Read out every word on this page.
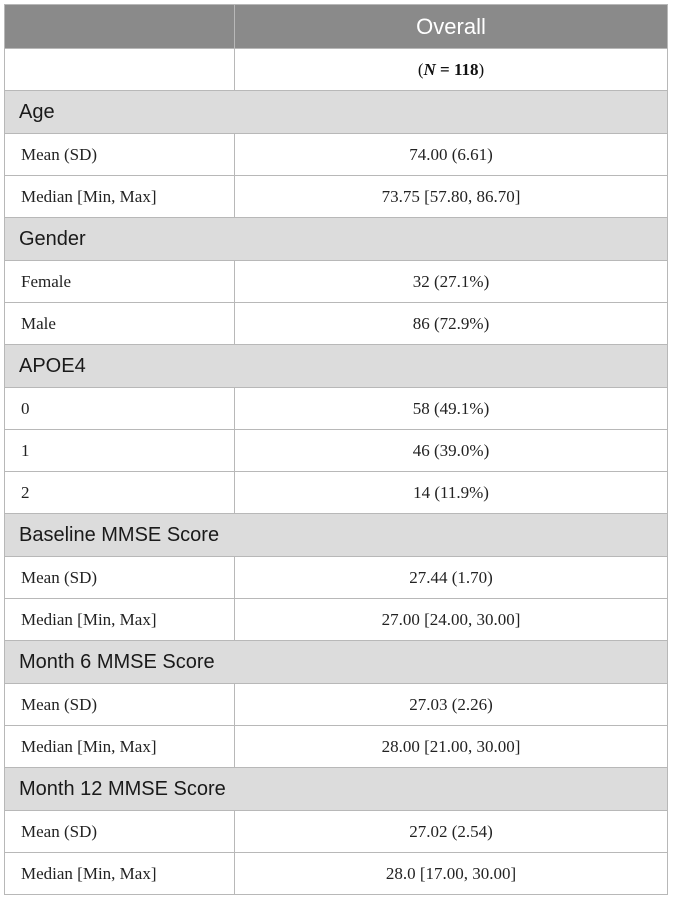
	Overall
	(N = 118)
Age	
Mean (SD)	74.00 (6.61)
Median [Min, Max]	73.75 [57.80, 86.70]
Gender	
Female	32 (27.1%)
Male	86 (72.9%)
APOE4	
0	58 (49.1%)
1	46 (39.0%)
2	14 (11.9%)
Baseline MMSE Score	
Mean (SD)	27.44 (1.70)
Median [Min, Max]	27.00 [24.00, 30.00]
Month 6 MMSE Score	
Mean (SD)	27.03 (2.26)
Median [Min, Max]	28.00 [21.00, 30.00]
Month 12 MMSE Score	
Mean (SD)	27.02 (2.54)
Median [Min, Max]	28.0 [17.00, 30.00]
